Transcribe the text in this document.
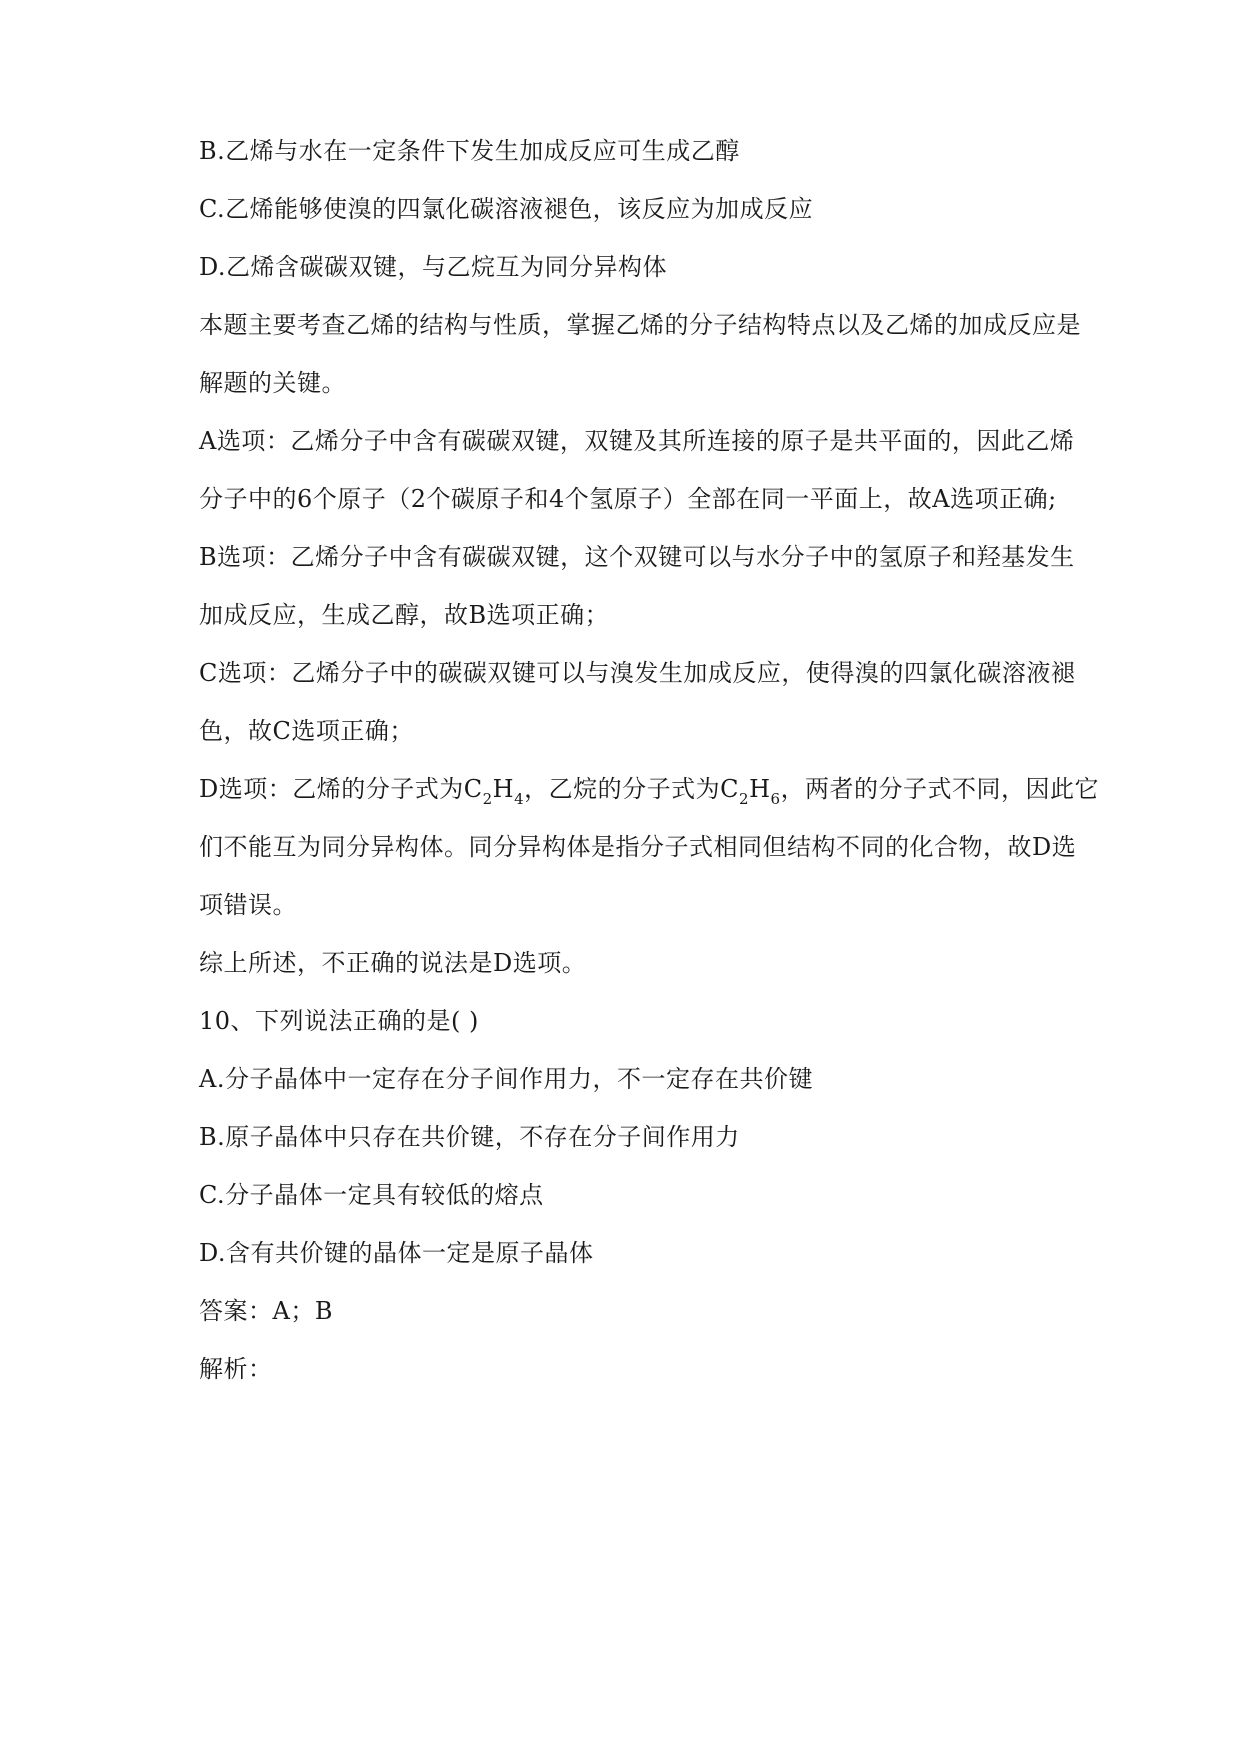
B.乙烯与水在一定条件下发生加成反应可生成乙醇
C.乙烯能够使溴的四氯化碳溶液褪色，该反应为加成反应
D.乙烯含碳碳双键，与乙烷互为同分异构体
本题主要考查乙烯的结构与性质，掌握乙烯的分子结构特点以及乙烯的加成反应是
解题的关键。
A选项：乙烯分子中含有碳碳双键，双键及其所连接的原子是共平面的，因此乙烯
分子中的6个原子（2个碳原子和4个氢原子）全部在同一平面上，故A选项正确;
B选项：乙烯分子中含有碳碳双键，这个双键可以与水分子中的氢原子和羟基发生
加成反应，生成乙醇，故B选项正确；
C选项：乙烯分子中的碳碳双键可以与溴发生加成反应，使得溴的四氯化碳溶液褪
色，故C选项正确；
D选项：乙烯的分子式为$C_2H_4$，乙烷的分子式为$C_2H_6$，两者的分子式不同，因此它
们不能互为同分异构体。同分异构体是指分子式相同但结构不同的化合物，故D选
项错误。
综上所述，不正确的说法是D选项。
10、下列说法正确的是( )
A.分子晶体中一定存在分子间作用力，不一定存在共价键
B.原子晶体中只存在共价键，不存在分子间作用力
C.分子晶体一定具有较低的熔点
D.含有共价键的晶体一定是原子晶体
答案：A；B
解析：
